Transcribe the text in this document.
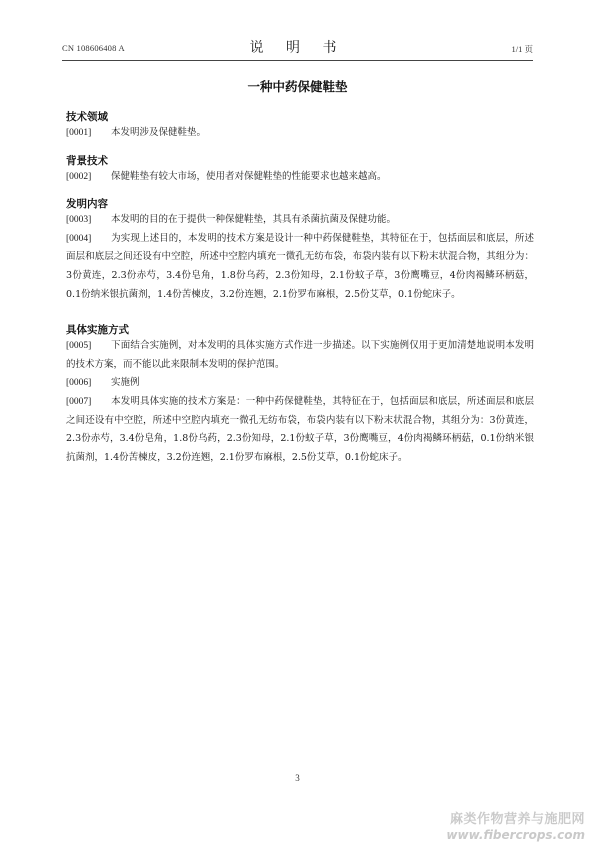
CN 108606408 A	说 明 书	1/1 页
一种中药保健鞋垫
技术领域

[0001] 本发明涉及保健鞋垫。

背景技术

[0002] 保健鞋垫有较大市场，使用者对保健鞋垫的性能要求也越来越高。

发明内容

[0003] 本发明的目的在于提供一种保健鞋垫，其具有杀菌抗菌及保健功能。

[0004] 为实现上述目的，本发明的技术方案是设计一种中药保健鞋垫，其特征在于，包括面层和底层，所述面层和底层之间还设有中空腔，所述中空腔内填充一微孔无纺布袋，布袋内装有以下粉末状混合物，其组分为：3份黄连，2.3份赤芍，3.4份皂角，1.8份乌药，2.3份知母，2.1份蚊子草，3份鹰嘴豆，4份肉褐鳞环柄菇，0.1份纳米银抗菌剂，1.4份苦楝皮，3.2份连翘，2.1份罗布麻根，2.5份艾草，0.1份蛇床子。

具体实施方式

[0005] 下面结合实施例，对本发明的具体实施方式作进一步描述。以下实施例仅用于更加清楚地说明本发明的技术方案，而不能以此来限制本发明的保护范围。

[0006] 实施例

[0007] 本发明具体实施的技术方案是：一种中药保健鞋垫，其特征在于，包括面层和底层，所述面层和底层之间还设有中空腔，所述中空腔内填充一微孔无纺布袋，布袋内装有以下粉末状混合物，其组分为：3份黄连，2.3份赤芍，3.4份皂角，1.8份乌药，2.3份知母，2.1份蚊子草，3份鹰嘴豆，4份肉褐鳞环柄菇，0.1份纳米银抗菌剂，1.4份苦楝皮，3.2份连翘，2.1份罗布麻根，2.5份艾草，0.1份蛇床子。

3
麻类作物营养与施肥网
www.fibercrops.com
